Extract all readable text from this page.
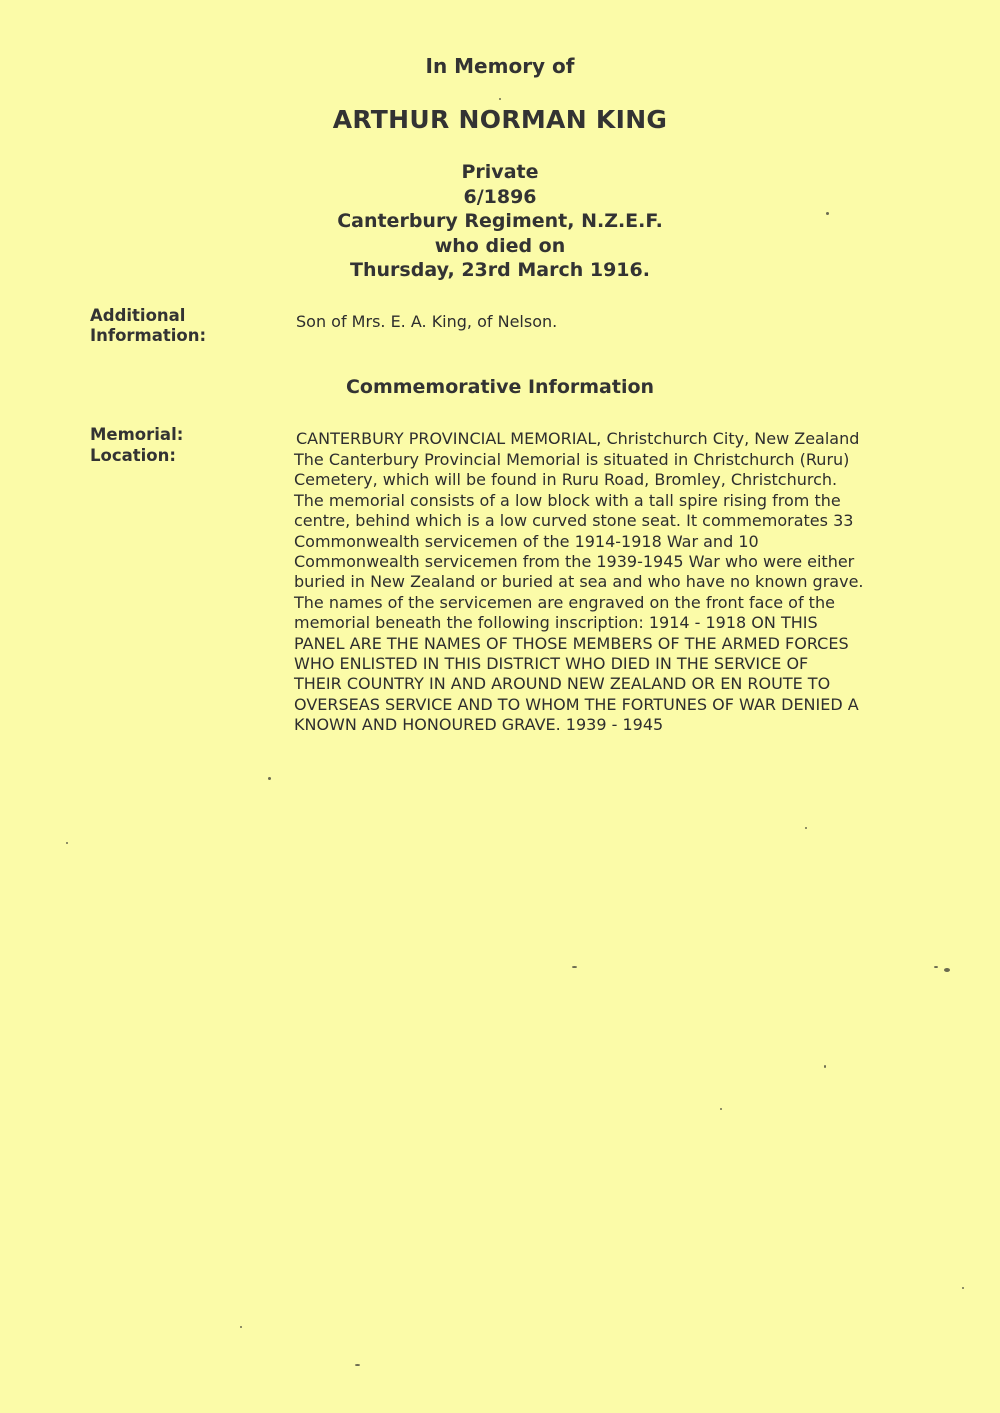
In Memory of
ARTHUR NORMAN KING
Private
6/1896
Canterbury Regiment, N.Z.E.F.
who died on
Thursday, 23rd March 1916.
Additional
Information:
Son of Mrs. E. A. King, of Nelson.
Commemorative Information
Memorial:	CANTERBURY PROVINCIAL MEMORIAL, Christchurch City, New Zealand
Location:	The Canterbury Provincial Memorial is situated in Christchurch (Ruru)
Cemetery, which will be found in Ruru Road, Bromley, Christchurch.
The memorial consists of a low block with a tall spire rising from the
centre, behind which is a low curved stone seat. It commemorates 33
Commonwealth servicemen of the 1914-1918 War and 10
Commonwealth servicemen from the 1939-1945 War who were either
buried in New Zealand or buried at sea and who have no known grave.
The names of the servicemen are engraved on the front face of the
memorial beneath the following inscription: 1914 - 1918 ON THIS
PANEL ARE THE NAMES OF THOSE MEMBERS OF THE ARMED FORCES
WHO ENLISTED IN THIS DISTRICT WHO DIED IN THE SERVICE OF
THEIR COUNTRY IN AND AROUND NEW ZEALAND OR EN ROUTE TO
OVERSEAS SERVICE AND TO WHOM THE FORTUNES OF WAR DENIED A
KNOWN AND HONOURED GRAVE. 1939 - 1945
